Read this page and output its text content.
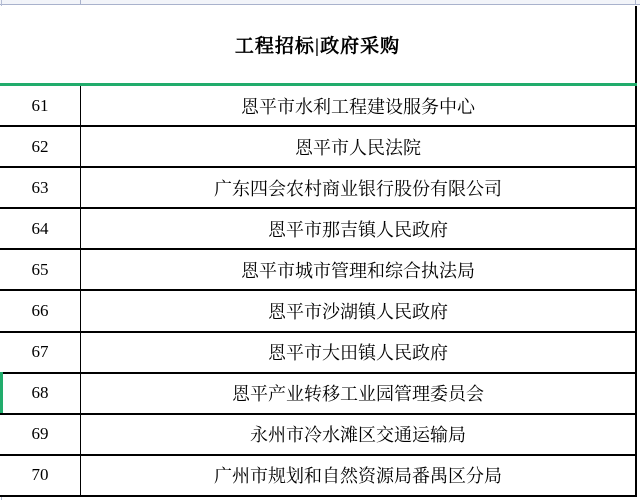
工程招标|政府采购
61	恩平市水利工程建设服务中心
62	恩平市人民法院
63	广东四会农村商业银行股份有限公司
64	恩平市那吉镇人民政府
65	恩平市城市管理和综合执法局
66	恩平市沙湖镇人民政府
67	恩平市大田镇人民政府
68	恩平产业转移工业园管理委员会
69	永州市冷水滩区交通运输局
70	广州市规划和自然资源局番禺区分局
